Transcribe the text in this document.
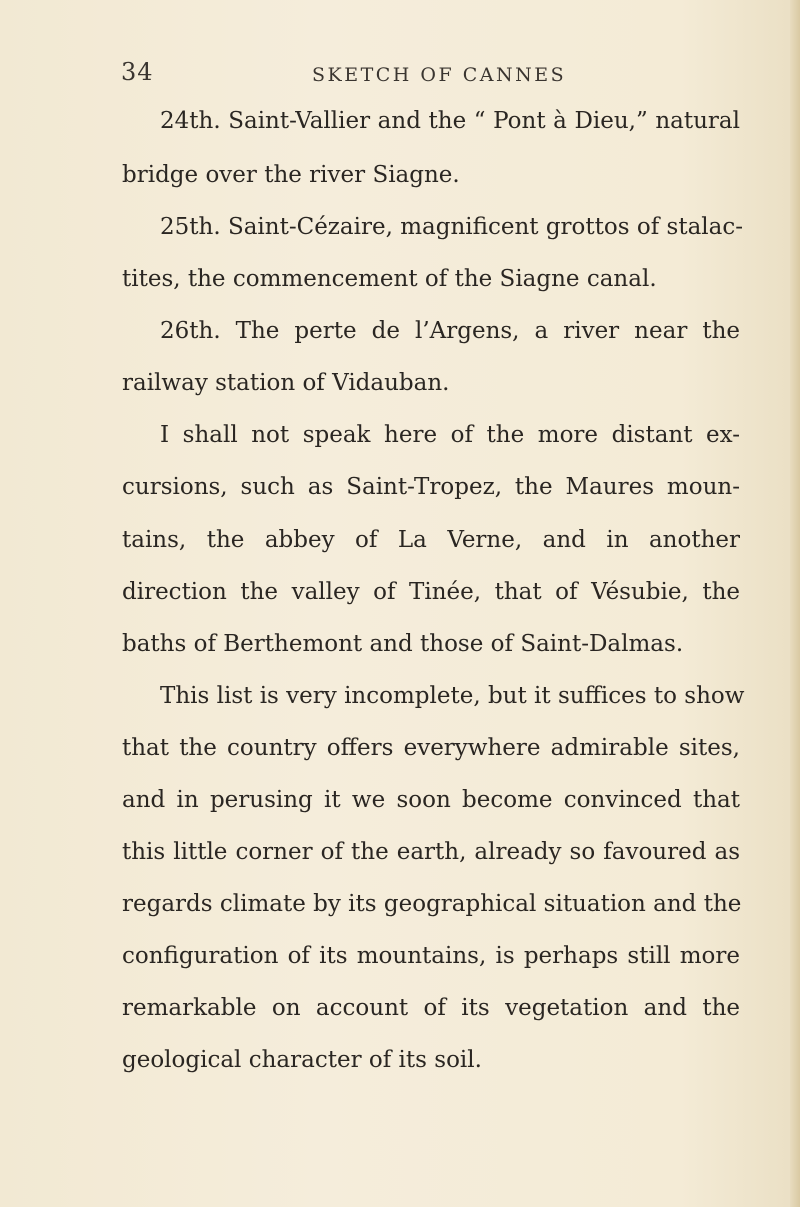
34	SKETCH OF CANNES
24th. Saint-Vallier and the “ Pont à Dieu,” natural
bridge over the river Siagne.
25th. Saint-Cézaire, magnificent grottos of stalac-
tites, the commencement of the Siagne canal.
26th. The perte de l’Argens, a river near the
railway station of Vidauban.
I shall not speak here of the more distant ex-
cursions, such as Saint-Tropez, the Maures moun-
tains, the abbey of La Verne, and in another
direction the valley of Tinée, that of Vésubie, the
baths of Berthemont and those of Saint-Dalmas.
This list is very incomplete, but it suffices to show
that the country offers everywhere admirable sites,
and in perusing it we soon become convinced that
this little corner of the earth, already so favoured as
regards climate by its geographical situation and the
configuration of its mountains, is perhaps still more
remarkable on account of its vegetation and the
geological character of its soil.
